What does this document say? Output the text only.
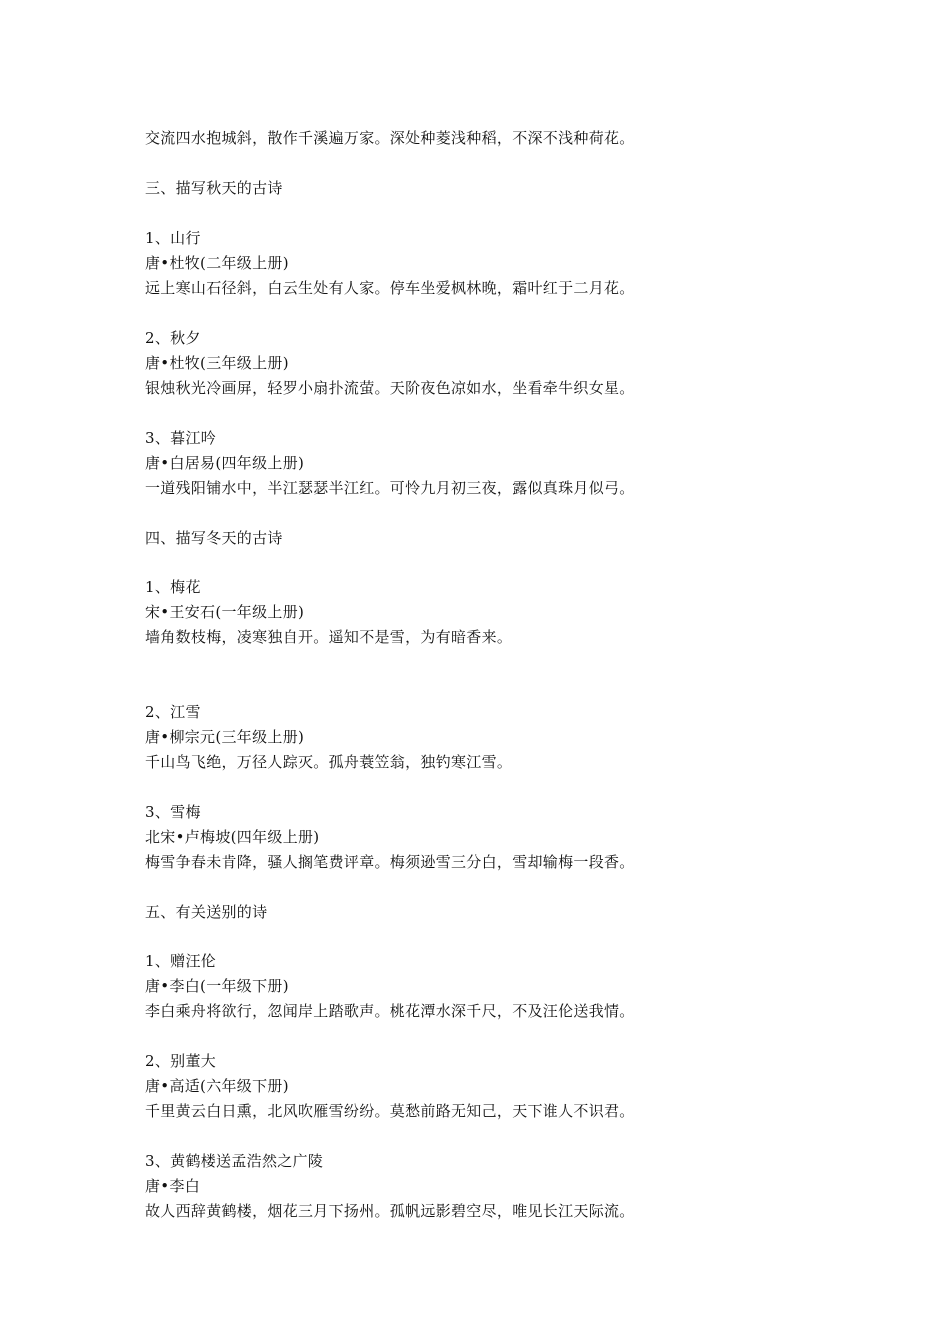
交流四水抱城斜，散作千溪遍万家。深处种菱浅种稻，不深不浅种荷花。
三、描写秋天的古诗
1、山行
唐•杜牧(二年级上册)
远上寒山石径斜，白云生处有人家。停车坐爱枫林晚，霜叶红于二月花。
2、秋夕
唐•杜牧(三年级上册)
银烛秋光冷画屏，轻罗小扇扑流萤。天阶夜色凉如水，坐看牵牛织女星。
3、暮江吟
唐•白居易(四年级上册)
一道残阳铺水中，半江瑟瑟半江红。可怜九月初三夜，露似真珠月似弓。
四、描写冬天的古诗
1、梅花
宋•王安石(一年级上册)
墙角数枝梅，凌寒独自开。遥知不是雪，为有暗香来。
2、江雪
唐•柳宗元(三年级上册)
千山鸟飞绝，万径人踪灭。孤舟蓑笠翁，独钓寒江雪。
3、雪梅
北宋•卢梅坡(四年级上册)
梅雪争春未肯降，骚人搁笔费评章。梅须逊雪三分白，雪却输梅一段香。
五、有关送别的诗
1、赠汪伦
唐•李白(一年级下册)
李白乘舟将欲行，忽闻岸上踏歌声。桃花潭水深千尺，不及汪伦送我情。
2、别董大
唐•高适(六年级下册)
千里黄云白日熏，北风吹雁雪纷纷。莫愁前路无知己，天下谁人不识君。
3、黄鹤楼送孟浩然之广陵
唐•李白
故人西辞黄鹤楼，烟花三月下扬州。孤帆远影碧空尽，唯见长江天际流。
